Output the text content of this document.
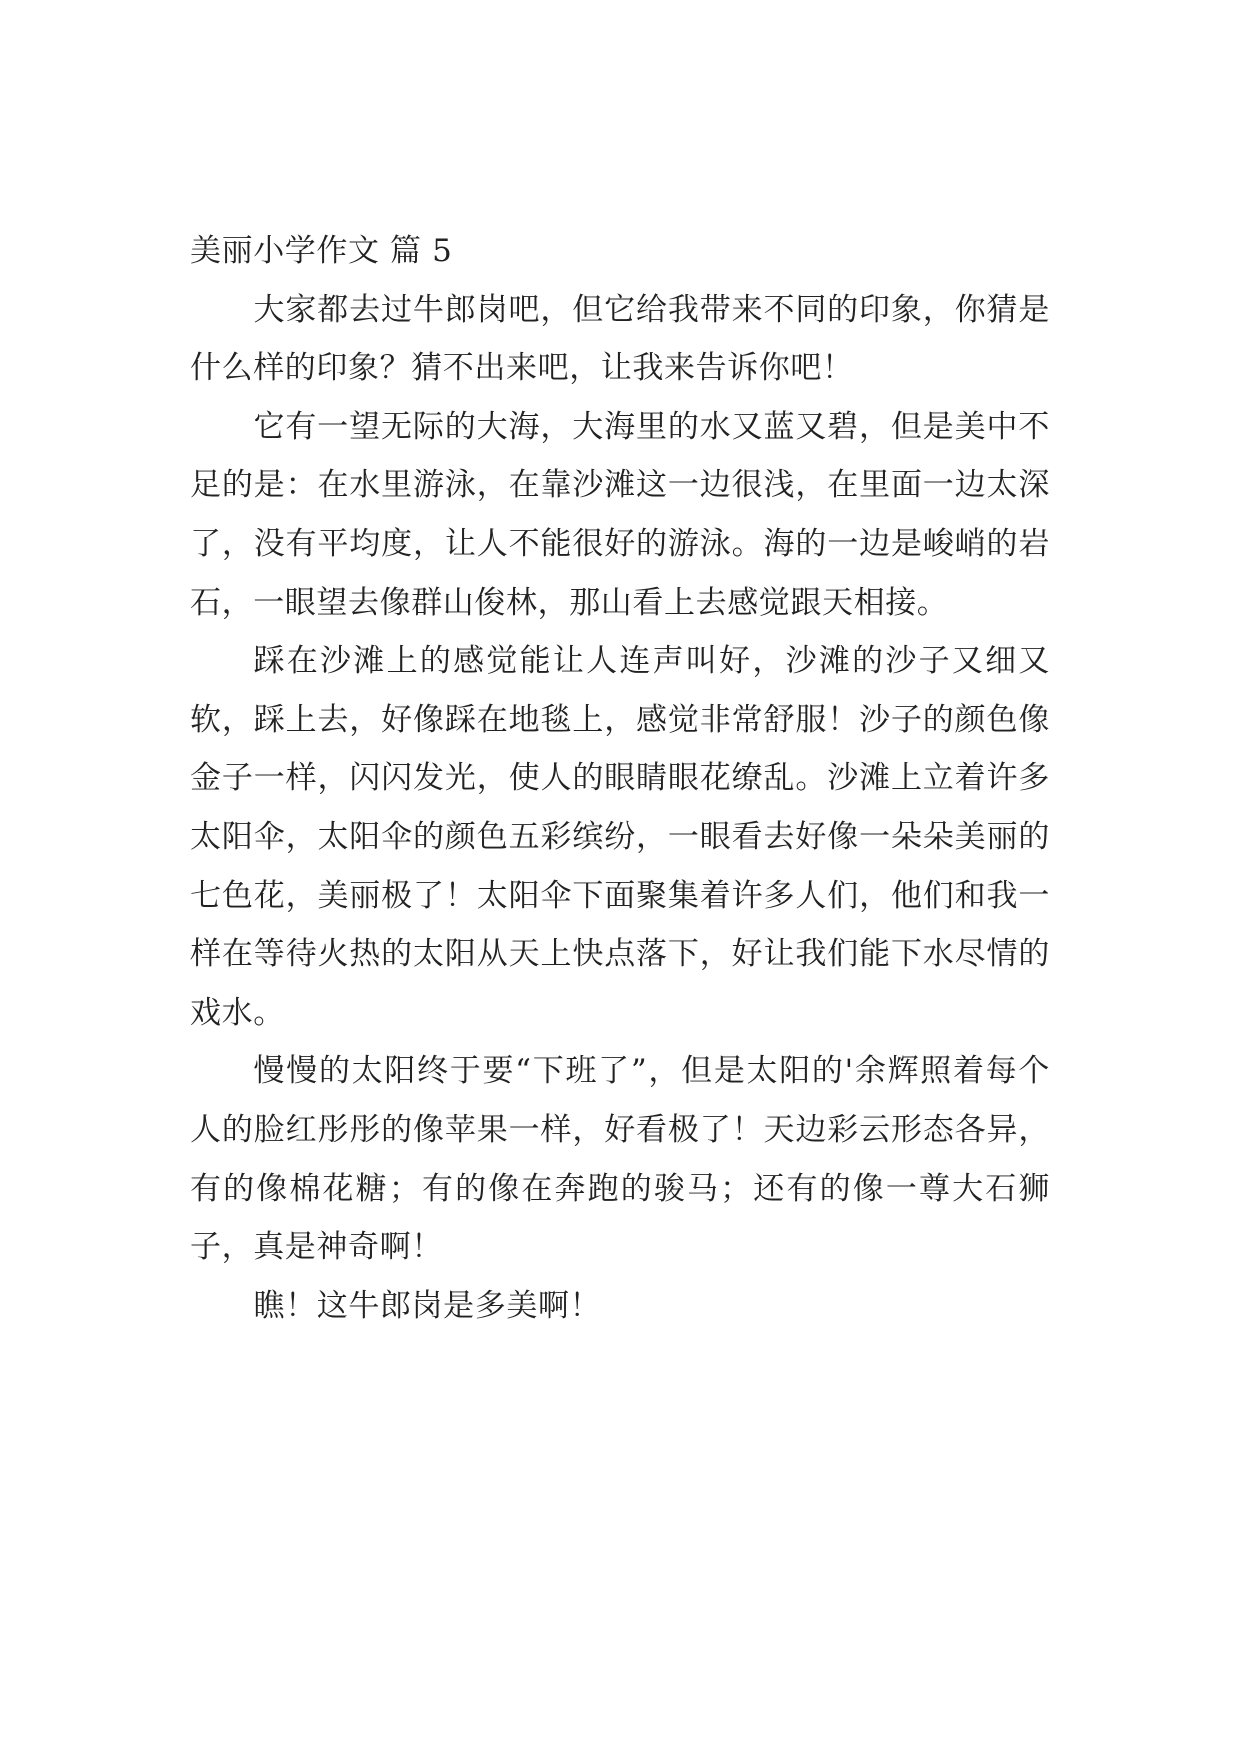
美丽小学作文 篇 5

大家都去过牛郎岗吧，但它给我带来不同的印象，你猜是什么样的印象？猜不出来吧，让我来告诉你吧！

它有一望无际的大海，大海里的水又蓝又碧，但是美中不足的是：在水里游泳，在靠沙滩这一边很浅，在里面一边太深了，没有平均度，让人不能很好的游泳。海的一边是峻峭的岩石，一眼望去像群山俊林，那山看上去感觉跟天相接。

踩在沙滩上的感觉能让人连声叫好，沙滩的沙子又细又软，踩上去，好像踩在地毯上，感觉非常舒服！沙子的颜色像金子一样，闪闪发光，使人的眼睛眼花缭乱。沙滩上立着许多太阳伞，太阳伞的颜色五彩缤纷，一眼看去好像一朵朵美丽的七色花，美丽极了！太阳伞下面聚集着许多人们，他们和我一样在等待火热的太阳从天上快点落下，好让我们能下水尽情的戏水。

慢慢的太阳终于要“下班了”，但是太阳的'余辉照着每个人的脸红彤彤的像苹果一样，好看极了！天边彩云形态各异，有的像棉花糖；有的像在奔跑的骏马；还有的像一尊大石狮子，真是神奇啊！

瞧！这牛郎岗是多美啊！
